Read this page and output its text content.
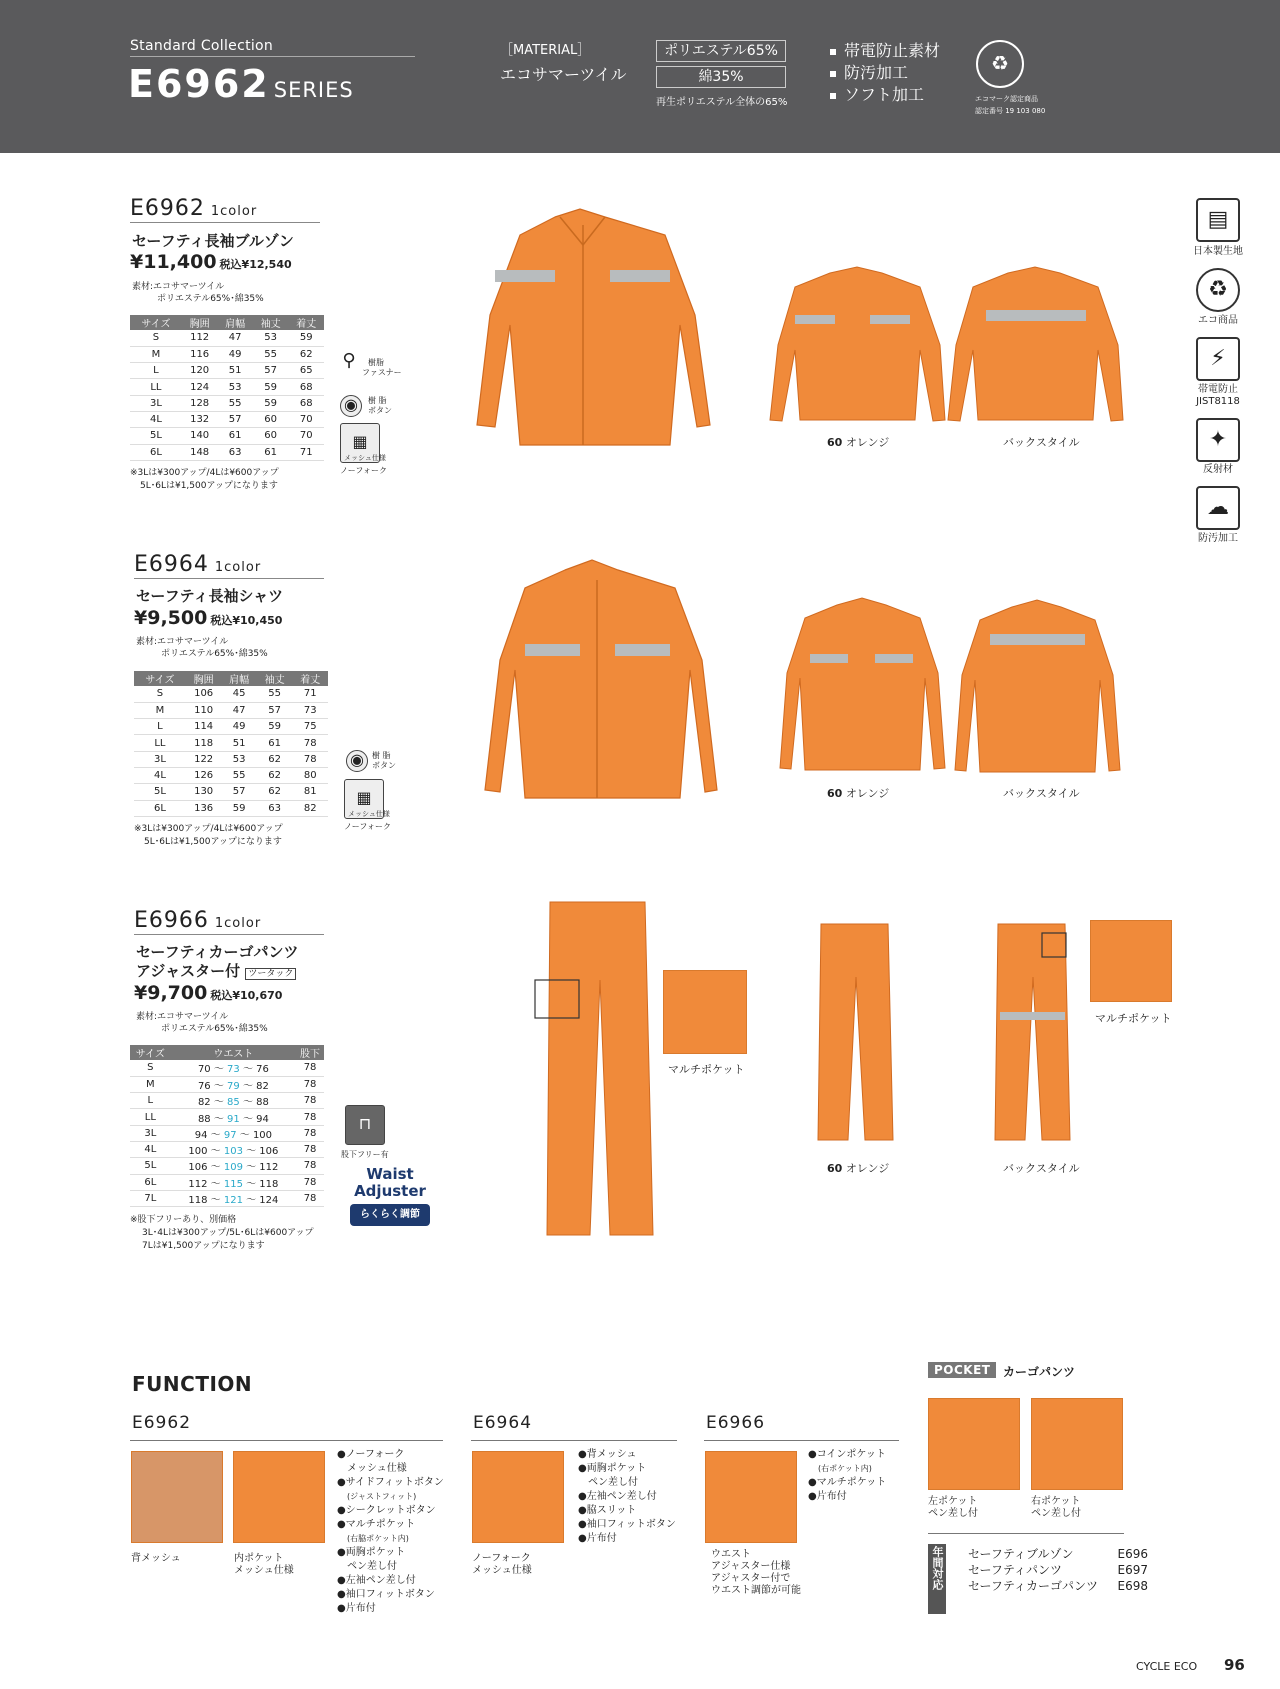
Standard Collection
E6962 SERIES
［MATERIAL］
エコサマーツイル
ポリエステル65%
綿35%
再生ポリエステル全体の65%
帯電防止素材
防汚加工
ソフト加工
♻
エコマーク認定商品
認定番号 19 103 080
E6962 1color
セーフティ長袖ブルゾン
¥11,400 税込¥12,540
素材:エコサマーツイル
ポリエステル65%･綿35%
サイズ	胸囲	肩幅	袖丈	着丈
S	112	47	53	59
M	116	49	55	62
L	120	51	57	65
LL	124	53	59	68
3L	128	55	59	68
4L	132	57	60	70
5L	140	61	60	70
6L	148	63	61	71
※3Lは¥300アップ/4Lは¥600アップ
5L･6Lは¥1,500アップになります
⚲ 樹脂
ファスナー
◉	樹 脂
ボタン
▦
メッシュ仕様
ノーフォーク
60 オレンジ	バックスタイル
▤
日本製生地
♻
エコ商品
⚡
帯電防止
JIST8118
✦
反射材
☁
防汚加工
E6964 1color
セーフティ長袖シャツ
¥9,500 税込¥10,450
素材:エコサマーツイル
ポリエステル65%･綿35%
サイズ	胸囲	肩幅	袖丈	着丈
S	106	45	55	71
M	110	47	57	73
L	114	49	59	75
LL	118	51	61	78
3L	122	53	62	78
4L	126	55	62	80
5L	130	57	62	81
6L	136	59	63	82
※3Lは¥300アップ/4Lは¥600アップ
5L･6Lは¥1,500アップになります
◉	樹 脂
ボタン
▦
メッシュ仕様
ノーフォーク
60 オレンジ	バックスタイル
E6966 1color
セーフティカーゴパンツ
アジャスター付 ツータック
¥9,700 税込¥10,670
素材:エコサマーツイル
ポリエステル65%･綿35%
サイズ	ウエスト	股下
S	70 ～ 73 ～ 76	78
M	76 ～ 79 ～ 82	78
L	82 ～ 85 ～ 88	78
LL	88 ～ 91 ～ 94	78
3L	94 ～ 97 ～ 100	78
4L	100 ～ 103 ～ 106	78
5L	106 ～ 109 ～ 112	78
6L	112 ～ 115 ～ 118	78
7L	118 ～ 121 ～ 124	78
※股下フリーあり、別価格
3L･4Lは¥300アップ/5L･6Lは¥600アップ
7Lは¥1,500アップになります
⊓
股下フリー有
Waist
Adjuster
らくらく調節
マルチポケット
マルチポケット
60 オレンジ	バックスタイル
FUNCTION
E6962
背メッシュ	内ポケット
メッシュ仕様
● ノーフォーク
メッシュ仕様
● サイドフィットボタン
(ジャストフィット)
● シークレットボタン
● マルチポケット
(右脇ポケット内)
● 両胸ポケット
ペン差し付
● 左袖ペン差し付
● 袖口フィットボタン
● 片布付
E6964
ノーフォーク
メッシュ仕様
● 背メッシュ
● 両胸ポケット
ペン差し付
● 左袖ペン差し付
● 脇スリット
● 袖口フィットボタン
● 片布付
E6966
ウエスト
アジャスター仕様
アジャスター付で
ウエスト調節が可能
● コインポケット
(右ポケット内)
● マルチポケット
● 片布付
POCKET	カーゴパンツ
左ポケット
ペン差し付
右ポケット
ペン差し付
年間対応 セーフティブルゾン	E696
セーフティパンツ	E697
セーフティカーゴパンツ E698
CYCLE ECO 96
